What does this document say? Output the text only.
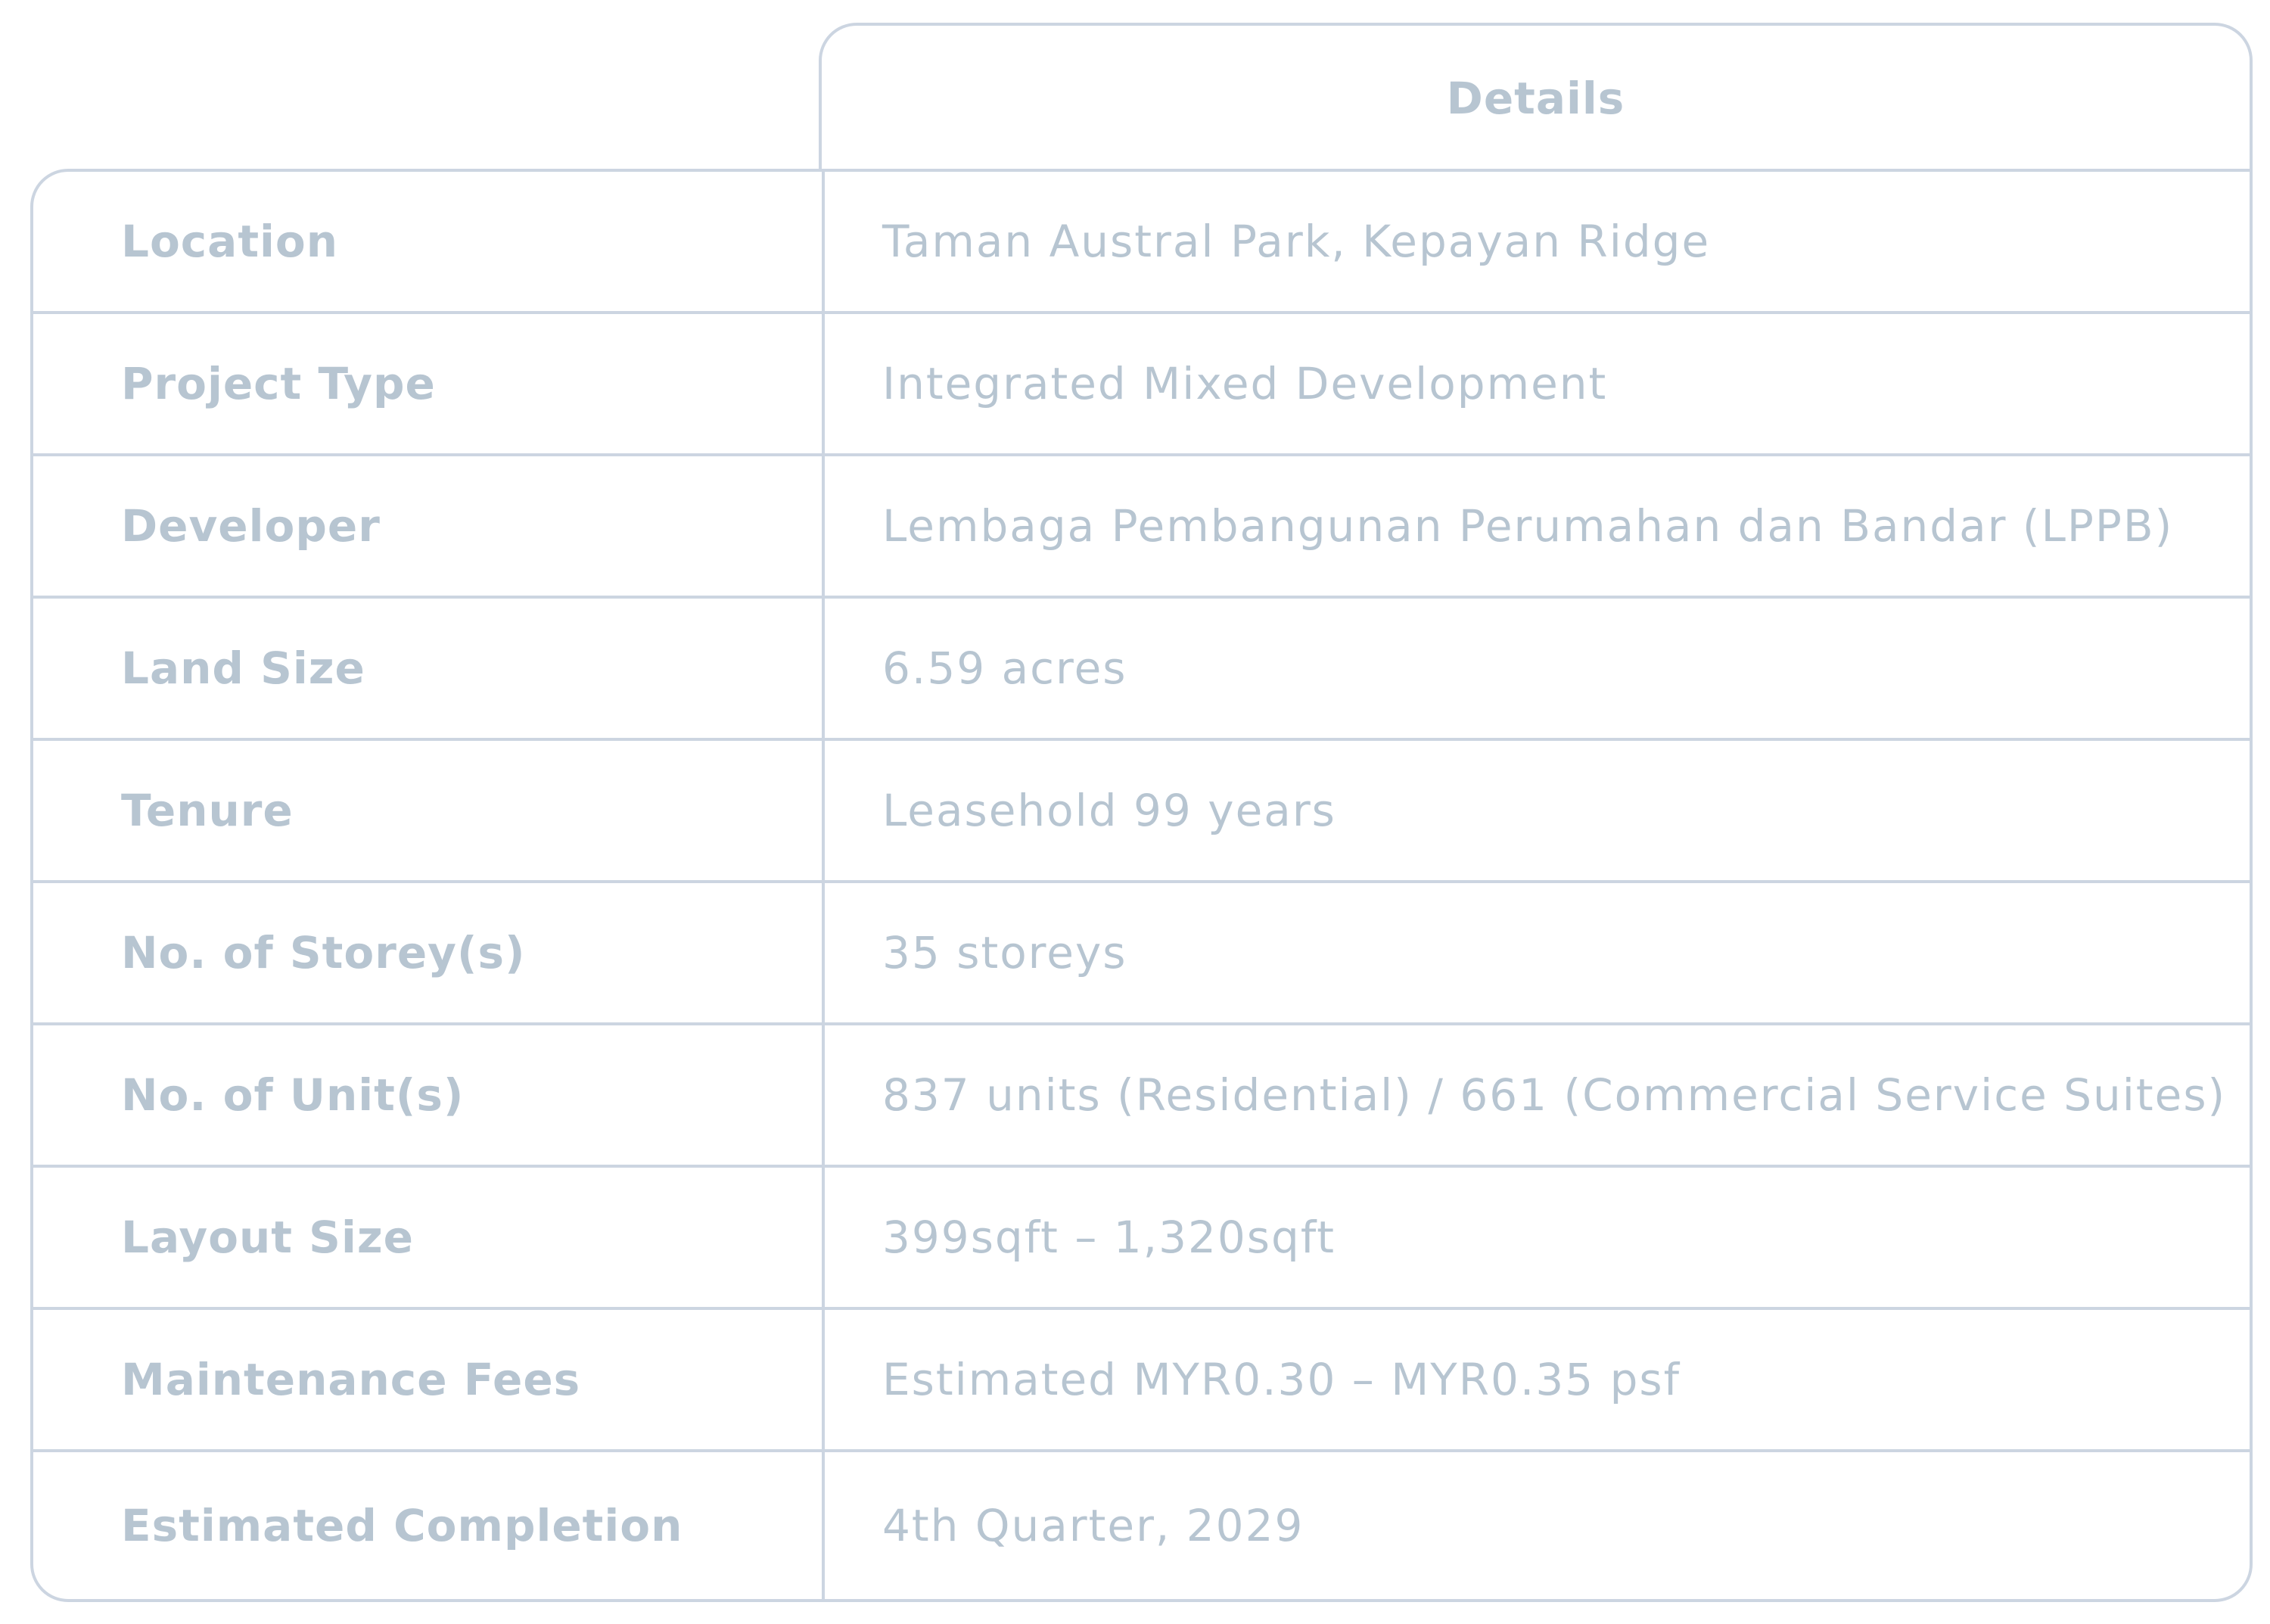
Details
Location	Taman Austral Park, Kepayan Ridge
Project Type	Integrated Mixed Development
Developer	Lembaga Pembangunan Perumahan dan Bandar (LPPB)
Land Size	6.59 acres
Tenure	Leasehold 99 years
No. of Storey(s)	35 storeys
No. of Unit(s)	837 units (Residential) / 661 (Commercial Service Suites)
Layout Size	399sqft – 1,320sqft
Maintenance Fees	Estimated MYR0.30 – MYR0.35 psf
Estimated Completion	4th Quarter, 2029
